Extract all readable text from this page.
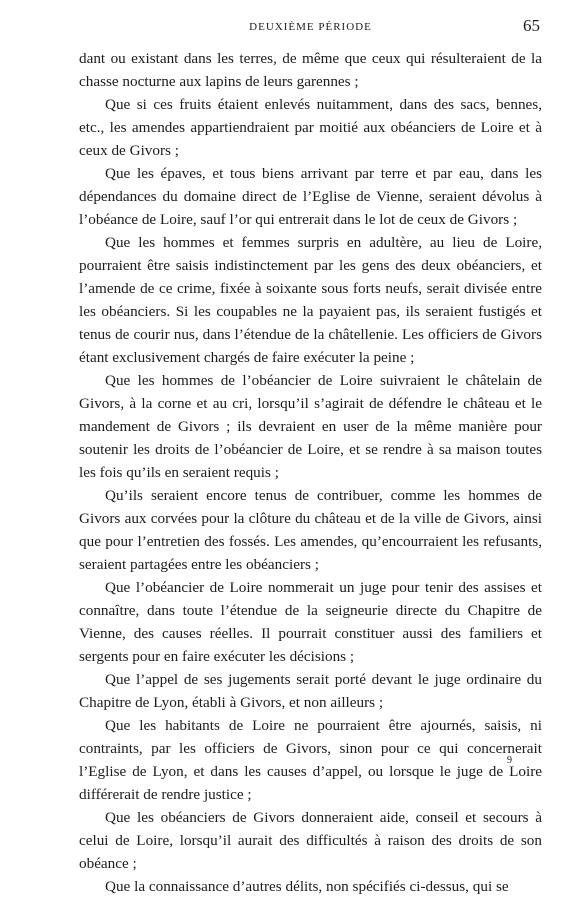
DEUXIÈME PÉRIODE	65

dant ou existant dans les terres, de même que ceux qui résulteraient de la chasse nocturne aux lapins de leurs garennes ;

Que si ces fruits étaient enlevés nuitamment, dans des sacs, bennes, etc., les amendes appartiendraient par moitié aux obéanciers de Loire et à ceux de Givors ;

Que les épaves, et tous biens arrivant par terre et par eau, dans les dépendances du domaine direct de l’Eglise de Vienne, seraient dévolus à l’obéance de Loire, sauf l’or qui entrerait dans le lot de ceux de Givors ;

Que les hommes et femmes surpris en adultère, au lieu de Loire, pourraient être saisis indistinctement par les gens des deux obéanciers, et l’amende de ce crime, fixée à soixante sous forts neufs, serait divisée entre les obéanciers. Si les coupables ne la payaient pas, ils seraient fustigés et tenus de courir nus, dans l’étendue de la châtellenie. Les officiers de Givors étant exclusivement chargés de faire exécuter la peine ;

Que les hommes de l’obéancier de Loire suivraient le châtelain de Givors, à la corne et au cri, lorsqu’il s’agirait de défendre le château et le mandement de Givors ; ils devraient en user de la même manière pour soutenir les droits de l’obéancier de Loire, et se rendre à sa maison toutes les fois qu’ils en seraient requis ;

Qu’ils seraient encore tenus de contribuer, comme les hommes de Givors aux corvées pour la clôture du château et de la ville de Givors, ainsi que pour l’entretien des fossés. Les amendes, qu’encourraient les refusants, seraient partagées entre les obéanciers ;

Que l’obéancier de Loire nommerait un juge pour tenir des assises et connaître, dans toute l’étendue de la seigneurie directe du Chapitre de Vienne, des causes réelles. Il pourrait constituer aussi des familiers et sergents pour en faire exécuter les décisions ;

Que l’appel de ses jugements serait porté devant le juge ordinaire du Chapitre de Lyon, établi à Givors, et non ailleurs ;

Que les habitants de Loire ne pourraient être ajournés, saisis, ni contraints, par les officiers de Givors, sinon pour ce qui concernerait l’Eglise de Lyon, et dans les causes d’appel, ou lorsque le juge de Loire différerait de rendre justice ;

Que les obéanciers de Givors donneraient aide, conseil et secours à celui de Loire, lorsqu’il aurait des difficultés à raison des droits de son obéance ;

Que la connaissance d’autres délits, non spécifiés ci-dessus, qui se

9
